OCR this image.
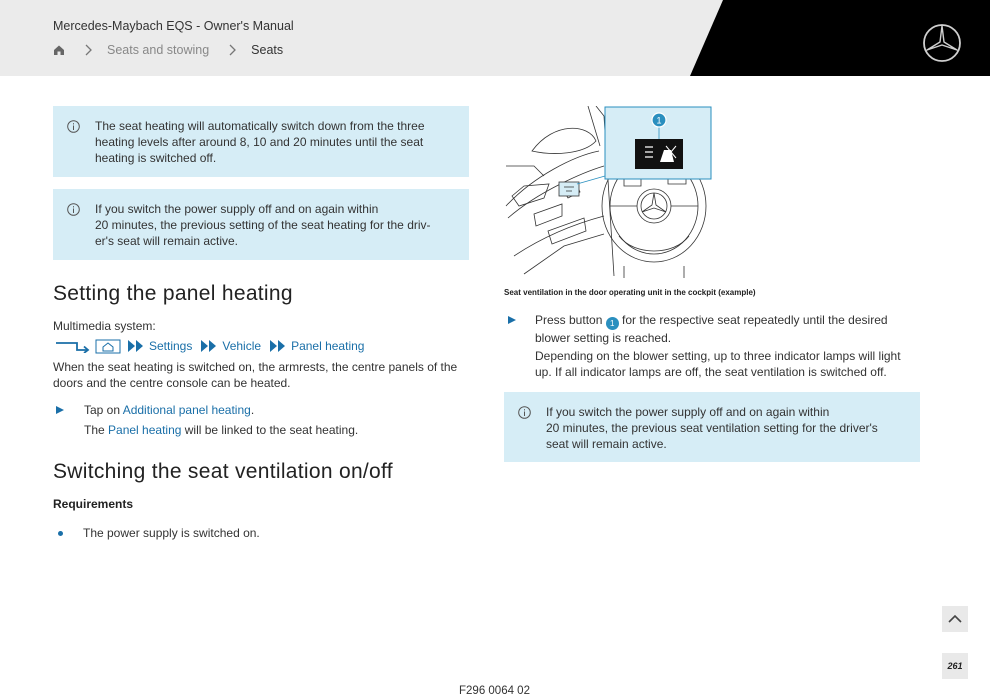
Mercedes-Maybach EQS - Owner's Manual
Seats and stowing	Seats
The seat heating will automatically switch down from the three
heating levels after around 8, 10 and 20 minutes until the seat
heating is switched off.
If you switch the power supply off and on again within
20 minutes, the previous setting of the seat heating for the driv-
er's seat will remain active.
Setting the panel heating
Multimedia system:
Settings	Vehicle	Panel heating
When the seat heating is switched on, the armrests, the centre panels of the
doors and the centre console can be heated.
Tap on Additional panel heating.
The Panel heating will be linked to the seat heating.
Switching the seat ventilation on/off
Requirements
The power supply is switched on.
1
Seat ventilation in the door operating unit in the cockpit (example)
Press button 1 for the respective seat repeatedly until the desired
blower setting is reached.
Depending on the blower setting, up to three indicator lamps will light
up. If all indicator lamps are off, the seat ventilation is switched off.
If you switch the power supply off and on again within
20 minutes, the previous seat ventilation setting for the driver's
seat will remain active.
261
F296 0064 02
